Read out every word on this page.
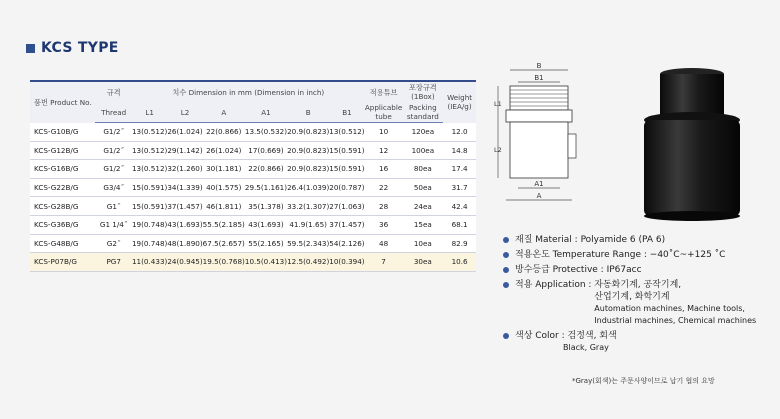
KCS TYPE
품번 Product No.	규격	치수 Dimension in mm (Dimension in inch)						적용튜브	포장규격(1Box)	Weight (IEA/g)
	Thread	L1	L2	A	A1	B	B1	Applicable tube	Packing standard	
KCS-G10B/G	G1/2˝	13(0.512)	26(1.024)	22(0.866)	13.5(0.532)	20.9(0.823)	13(0.512)	10	120ea	12.0
KCS-G12B/G	G1/2˝	13(0.512)	29(1.142)	26(1.024)	17(0.669)	20.9(0.823)	15(0.591)	12	100ea	14.8
KCS-G16B/G	G1/2˝	13(0.512)	32(1.260)	30(1.181)	22(0.866)	20.9(0.823)	15(0.591)	16	80ea	17.4
KCS-G22B/G	G3/4˝	15(0.591)	34(1.339)	40(1.575)	29.5(1.161)	26.4(1.039)	20(0.787)	22	50ea	31.7
KCS-G28B/G	G1˝	15(0.591)	37(1.457)	46(1.811)	35(1.378)	33.2(1.307)	27(1.063)	28	24ea	42.4
KCS-G36B/G	G1 1/4˝	19(0.748)	43(1.693)	55.5(2.185)	43(1.693)	41.9(1.65)	37(1.457)	36	15ea	68.1
KCS-G48B/G	G2˝	19(0.748)	48(1.890)	67.5(2.657)	55(2.165)	59.5(2.343)	54(2.126)	48	10ea	82.9
KCS-P07B/G	PG7	11(0.433)	24(0.945)	19.5(0.768)	10.5(0.413)	12.5(0.492)	10(0.394)	7	30ea	10.6
B
B1
L1
L2
A1
A
재질 Material : Polyamide 6 (PA 6)
적용온도 Temperature Range : −40˚C~+125 ˚C
방수등급 Protective : IP67acc
적용 Application : 자동화기계, 공작기계,
산업기계, 화학기계
Automation machines, Machine tools,
Industrial machines, Chemical machines
색상 Color : 검정색, 회색
Black, Gray
*Gray(회색)는 주문사양이므로 납기 협의 요망
